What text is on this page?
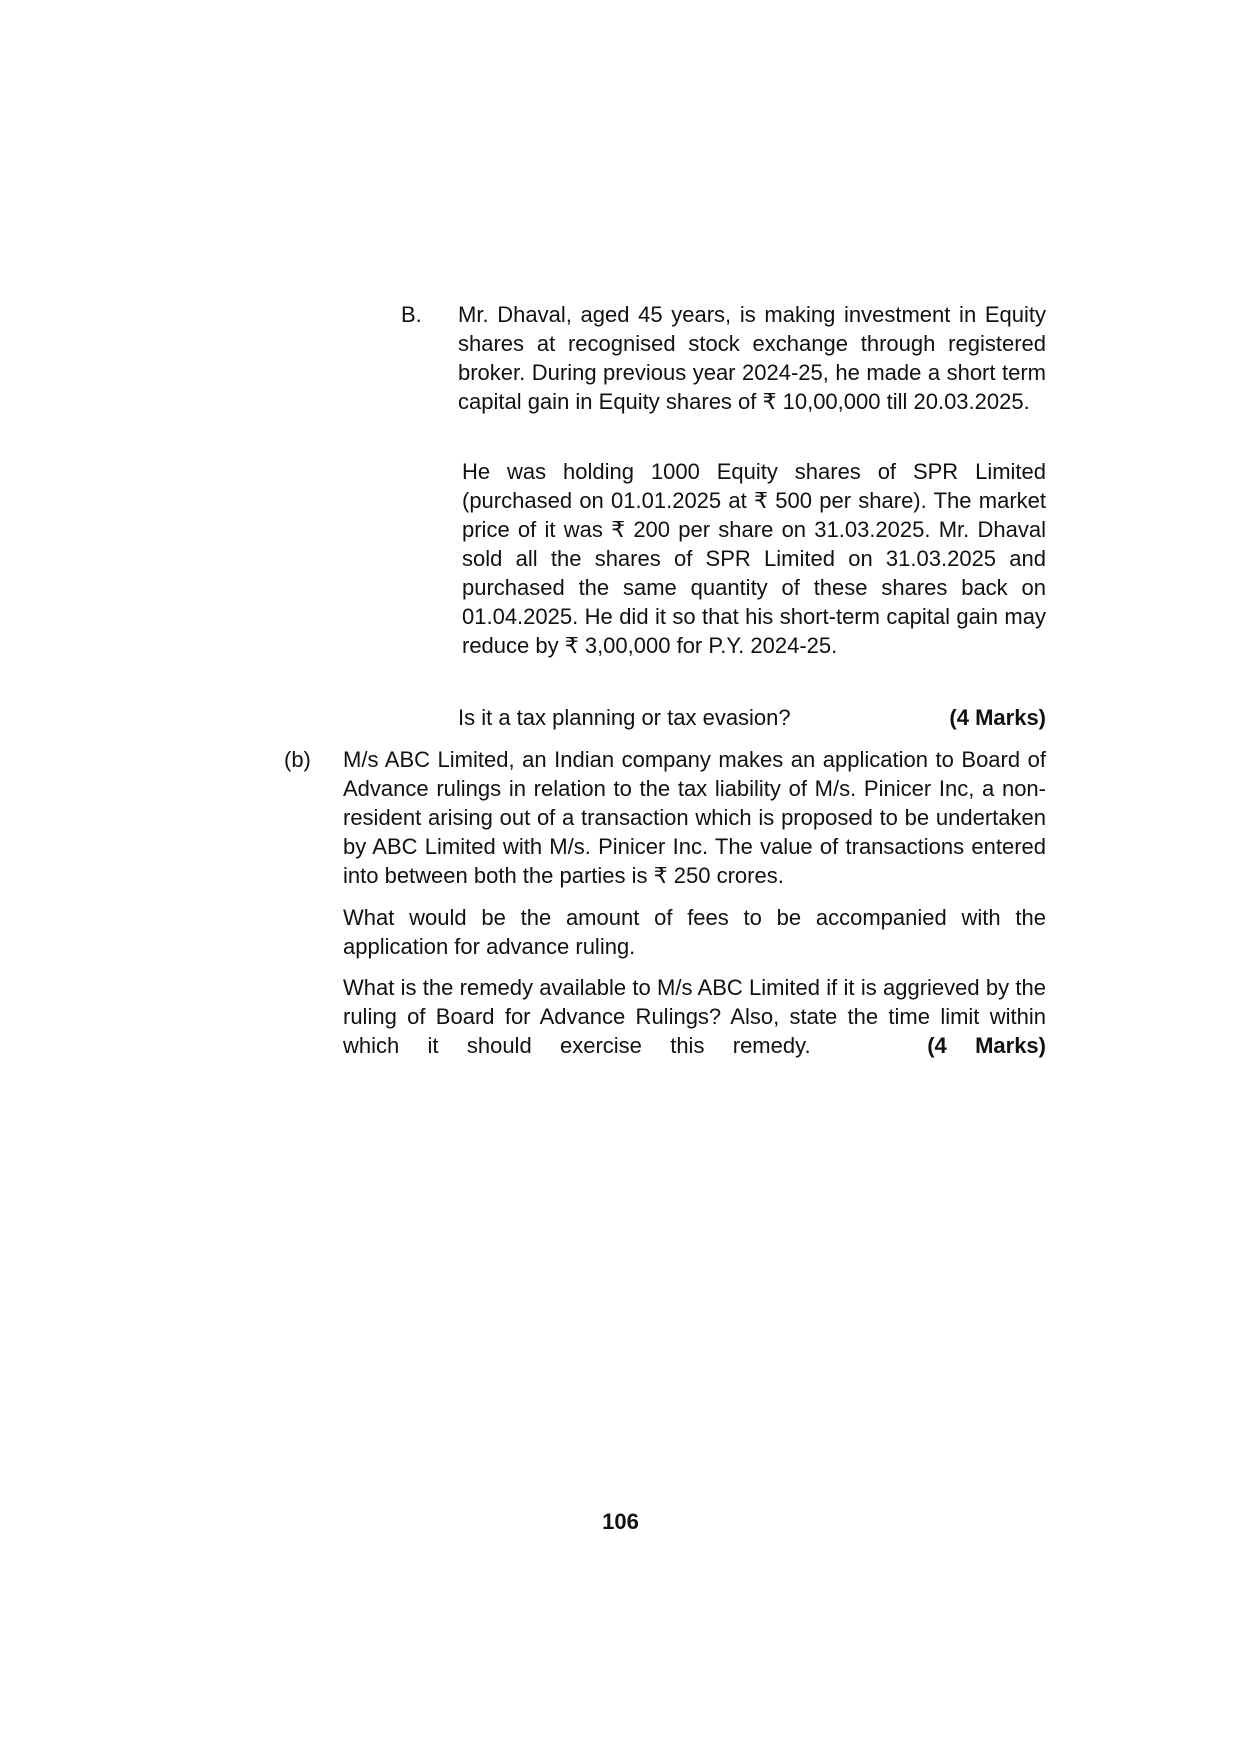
B. Mr. Dhaval, aged 45 years, is making investment in Equity shares at recognised stock exchange through registered broker. During previous year 2024-25, he made a short term capital gain in Equity shares of ₹ 10,00,000 till 20.03.2025.

He was holding 1000 Equity shares of SPR Limited (purchased on 01.01.2025 at ₹ 500 per share). The market price of it was ₹ 200 per share on 31.03.2025. Mr. Dhaval sold all the shares of SPR Limited on 31.03.2025 and purchased the same quantity of these shares back on 01.04.2025. He did it so that his short-term capital gain may reduce by ₹ 3,00,000 for P.Y. 2024-25.

Is it a tax planning or tax evasion?	(4 Marks)

(b) M/s ABC Limited, an Indian company makes an application to Board of Advance rulings in relation to the tax liability of M/s. Pinicer Inc, a non-resident arising out of a transaction which is proposed to be undertaken by ABC Limited with M/s. Pinicer Inc. The value of transactions entered into between both the parties is ₹ 250 crores.

What would be the amount of fees to be accompanied with the application for advance ruling.

What is the remedy available to M/s ABC Limited if it is aggrieved by the ruling of Board for Advance Rulings? Also, state the time limit within which it should exercise this remedy.	(4 Marks)
106
